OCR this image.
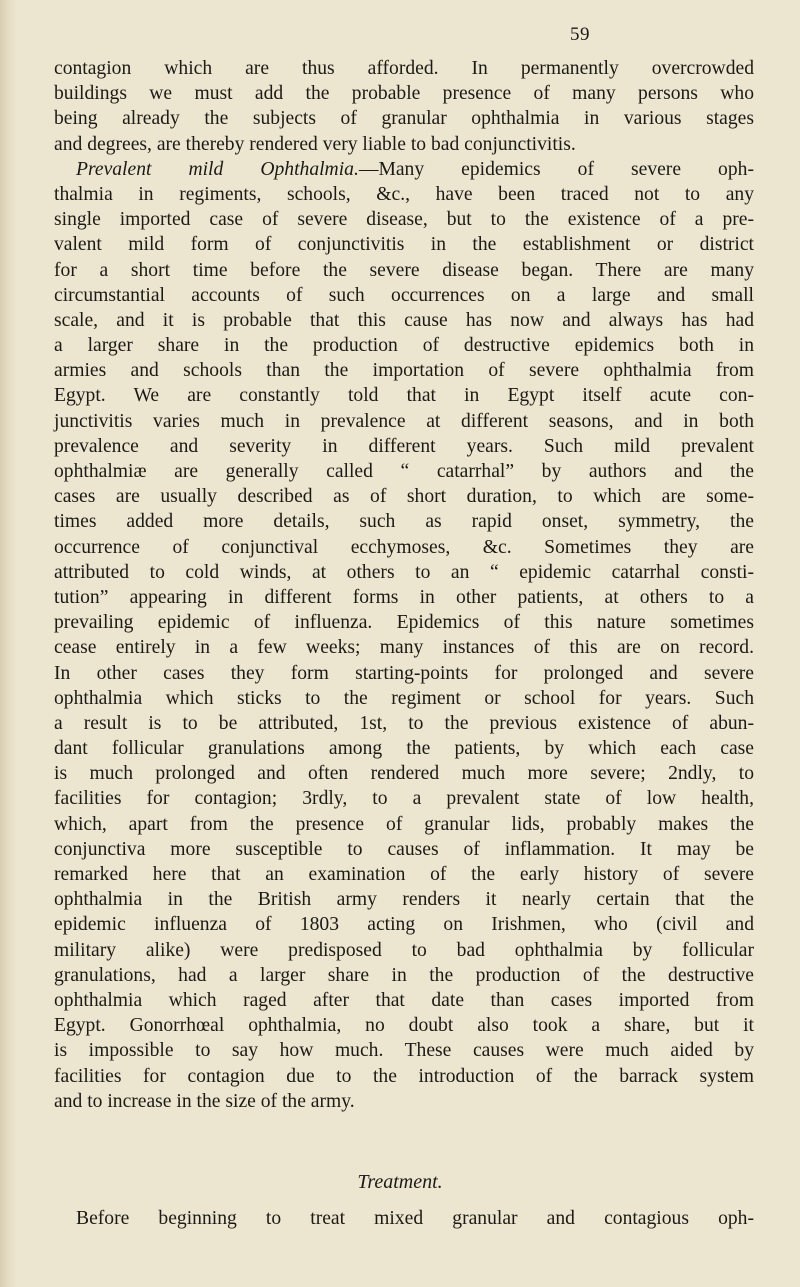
59
contagion which are thus afforded. In permanently overcrowded
buildings we must add the probable presence of many persons who
being already the subjects of granular ophthalmia in various stages
and degrees, are thereby rendered very liable to bad conjunctivitis.
Prevalent mild Ophthalmia.—Many epidemics of severe oph-
thalmia in regiments, schools, &c., have been traced not to any
single imported case of severe disease, but to the existence of a pre-
valent mild form of conjunctivitis in the establishment or district
for a short time before the severe disease began. There are many
circumstantial accounts of such occurrences on a large and small
scale, and it is probable that this cause has now and always has had
a larger share in the production of destructive epidemics both in
armies and schools than the importation of severe ophthalmia from
Egypt. We are constantly told that in Egypt itself acute con-
junctivitis varies much in prevalence at different seasons, and in both
prevalence and severity in different years. Such mild prevalent
ophthalmiæ are generally called “ catarrhal” by authors and the
cases are usually described as of short duration, to which are some-
times added more details, such as rapid onset, symmetry, the
occurrence of conjunctival ecchymoses, &c. Sometimes they are
attributed to cold winds, at others to an “ epidemic catarrhal consti-
tution” appearing in different forms in other patients, at others to a
prevailing epidemic of influenza. Epidemics of this nature sometimes
cease entirely in a few weeks; many instances of this are on record.
In other cases they form starting-points for prolonged and severe
ophthalmia which sticks to the regiment or school for years. Such
a result is to be attributed, 1st, to the previous existence of abun-
dant follicular granulations among the patients, by which each case
is much prolonged and often rendered much more severe; 2ndly, to
facilities for contagion; 3rdly, to a prevalent state of low health,
which, apart from the presence of granular lids, probably makes the
conjunctiva more susceptible to causes of inflammation. It may be
remarked here that an examination of the early history of severe
ophthalmia in the British army renders it nearly certain that the
epidemic influenza of 1803 acting on Irishmen, who (civil and
military alike) were predisposed to bad ophthalmia by follicular
granulations, had a larger share in the production of the destructive
ophthalmia which raged after that date than cases imported from
Egypt. Gonorrhœal ophthalmia, no doubt also took a share, but it
is impossible to say how much. These causes were much aided by
facilities for contagion due to the introduction of the barrack system
and to increase in the size of the army.
Treatment.
Before beginning to treat mixed granular and contagious oph-
